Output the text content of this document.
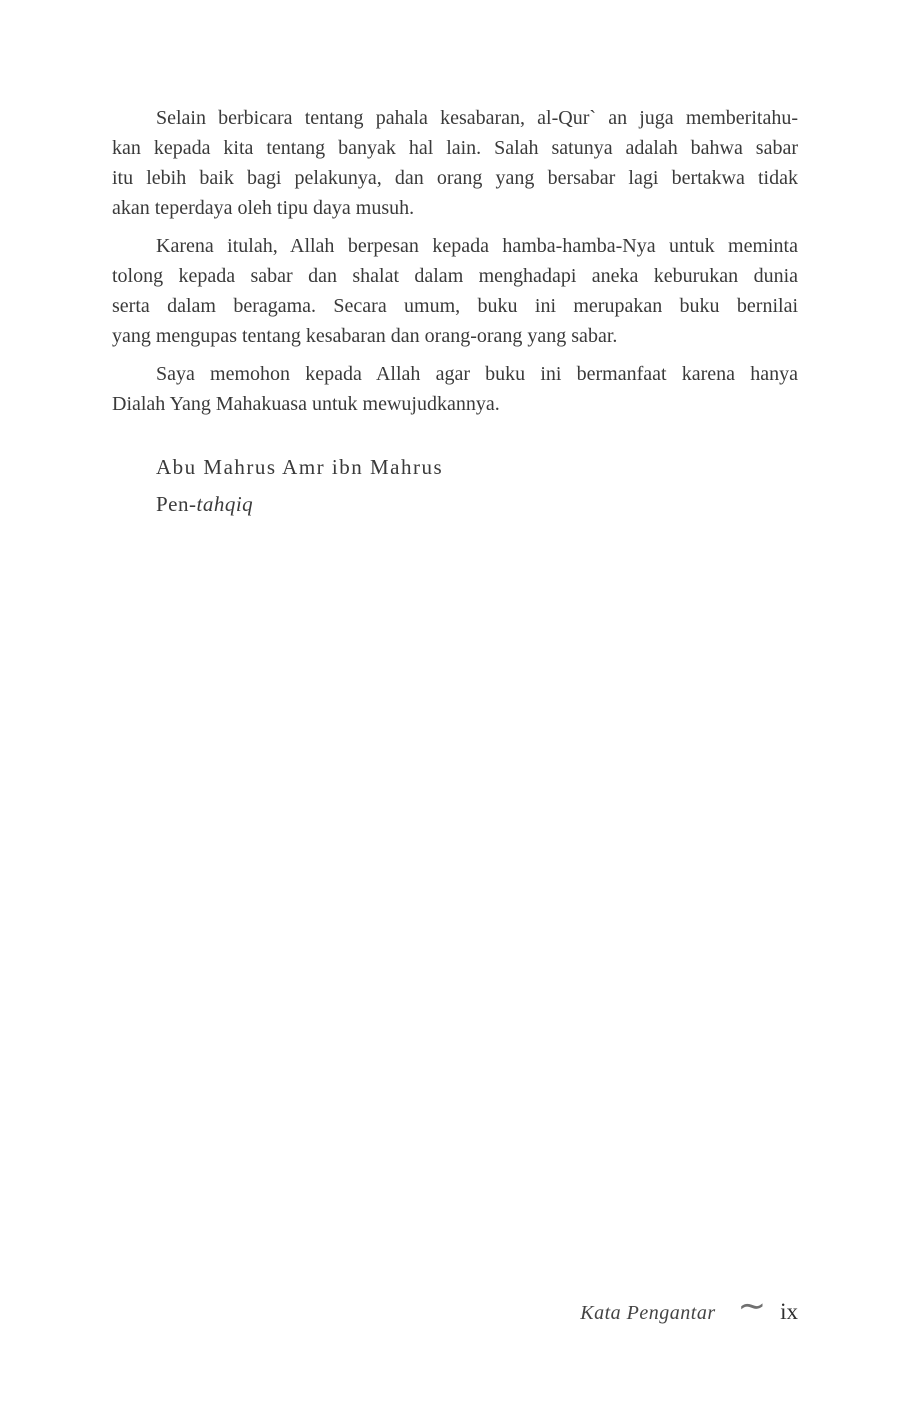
Selain berbicara tentang pahala kesabaran, al-Qur` an juga memberitahu-
kan kepada kita tentang banyak hal lain. Salah satunya adalah bahwa sabar
itu lebih baik bagi pelakunya, dan orang yang bersabar lagi bertakwa tidak
akan teperdaya oleh tipu daya musuh.
Karena itulah, Allah berpesan kepada hamba-hamba-Nya untuk meminta
tolong kepada sabar dan shalat dalam menghadapi aneka keburukan dunia
serta dalam beragama. Secara umum, buku ini merupakan buku bernilai
yang mengupas tentang kesabaran dan orang-orang yang sabar.
Saya memohon kepada Allah agar buku ini bermanfaat karena hanya
Dialah Yang Mahakuasa untuk mewujudkannya.
Abu Mahrus Amr ibn Mahrus
Pen-tahqiq
Kata Pengantar ∼ ix
